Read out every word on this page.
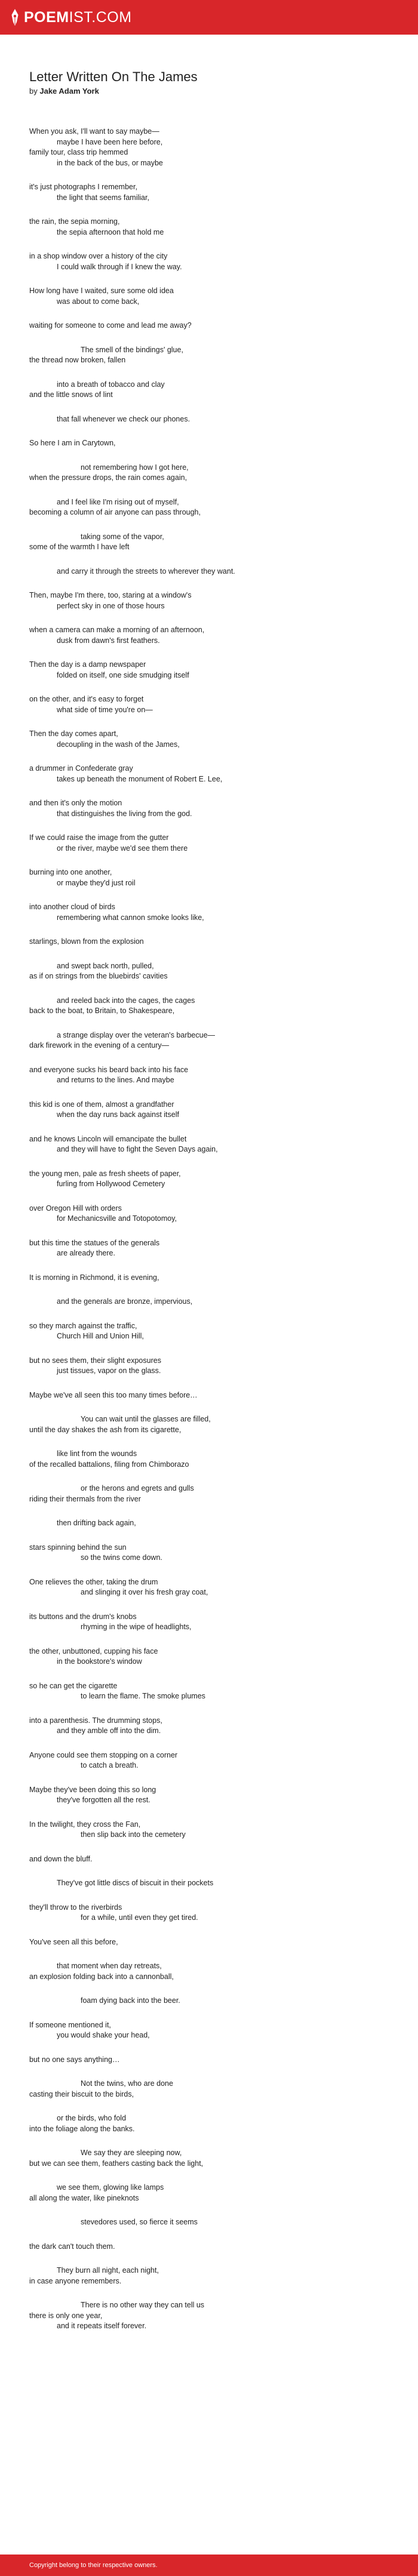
POEMIST.COM
Letter Written On The James
by Jake Adam York
When you ask, I'll want to say maybe—
maybe I have been here before,
family tour, class trip hemmed
in the back of the bus, or maybe
it's just photographs I remember,
the light that seems familiar,
the rain, the sepia morning,
the sepia afternoon that hold me
in a shop window over a history of the city
I could walk through if I knew the way.
How long have I waited, sure some old idea
was about to come back,
waiting for someone to come and lead me away?
The smell of the bindings' glue,
the thread now broken, fallen
into a breath of tobacco and clay
and the little snows of lint
that fall whenever we check our phones.
So here I am in Carytown,
not remembering how I got here,
when the pressure drops, the rain comes again,
and I feel like I'm rising out of myself,
becoming a column of air anyone can pass through,
taking some of the vapor,
some of the warmth I have left
and carry it through the streets to wherever they want.
Then, maybe I'm there, too, staring at a window's
perfect sky in one of those hours
when a camera can make a morning of an afternoon,
dusk from dawn's first feathers.
Then the day is a damp newspaper
folded on itself, one side smudging itself
on the other, and it's easy to forget
what side of time you're on—
Then the day comes apart,
decoupling in the wash of the James,
a drummer in Confederate gray
takes up beneath the monument of Robert E. Lee,
and then it's only the motion
that distinguishes the living from the god.
If we could raise the image from the gutter
or the river, maybe we'd see them there
burning into one another,
or maybe they'd just roil
into another cloud of birds
remembering what cannon smoke looks like,
starlings, blown from the explosion
and swept back north, pulled,
as if on strings from the bluebirds' cavities
and reeled back into the cages, the cages
back to the boat, to Britain, to Shakespeare,
a strange display over the veteran's barbecue—
dark firework in the evening of a century—
and everyone sucks his beard back into his face
and returns to the lines. And maybe
this kid is one of them, almost a grandfather
when the day runs back against itself
and he knows Lincoln will emancipate the bullet
and they will have to fight the Seven Days again,
the young men, pale as fresh sheets of paper,
furling from Hollywood Cemetery
over Oregon Hill with orders
for Mechanicsville and Totopotomoy,
but this time the statues of the generals
are already there.
It is morning in Richmond, it is evening,
and the generals are bronze, impervious,
so they march against the traffic,
Church Hill and Union Hill,
but no sees them, their slight exposures
just tissues, vapor on the glass.
Maybe we've all seen this too many times before…
You can wait until the glasses are filled,
until the day shakes the ash from its cigarette,
like lint from the wounds
of the recalled battalions, filing from Chimborazo
or the herons and egrets and gulls
riding their thermals from the river
then drifting back again,
stars spinning behind the sun
so the twins come down.
One relieves the other, taking the drum
and slinging it over his fresh gray coat,
its buttons and the drum's knobs
rhyming in the wipe of headlights,
the other, unbuttoned, cupping his face
in the bookstore's window
so he can get the cigarette
to learn the flame. The smoke plumes
into a parenthesis. The drumming stops,
and they amble off into the dim.
Anyone could see them stopping on a corner
to catch a breath.
Maybe they've been doing this so long
they've forgotten all the rest.
In the twilight, they cross the Fan,
then slip back into the cemetery
and down the bluff.
They've got little discs of biscuit in their pockets
they'll throw to the riverbirds
for a while, until even they get tired.
You've seen all this before,
that moment when day retreats,
an explosion folding back into a cannonball,
foam dying back into the beer.
If someone mentioned it,
you would shake your head,
but no one says anything…
Not the twins, who are done
casting their biscuit to the birds,
or the birds, who fold
into the foliage along the banks.
We say they are sleeping now,
but we can see them, feathers casting back the light,
we see them, glowing like lamps
all along the water, like pineknots
stevedores used, so fierce it seems
the dark can't touch them.
They burn all night, each night,
in case anyone remembers.
There is no other way they can tell us
there is only one year,
and it repeats itself forever.
Copyright belong to their respective owners.
